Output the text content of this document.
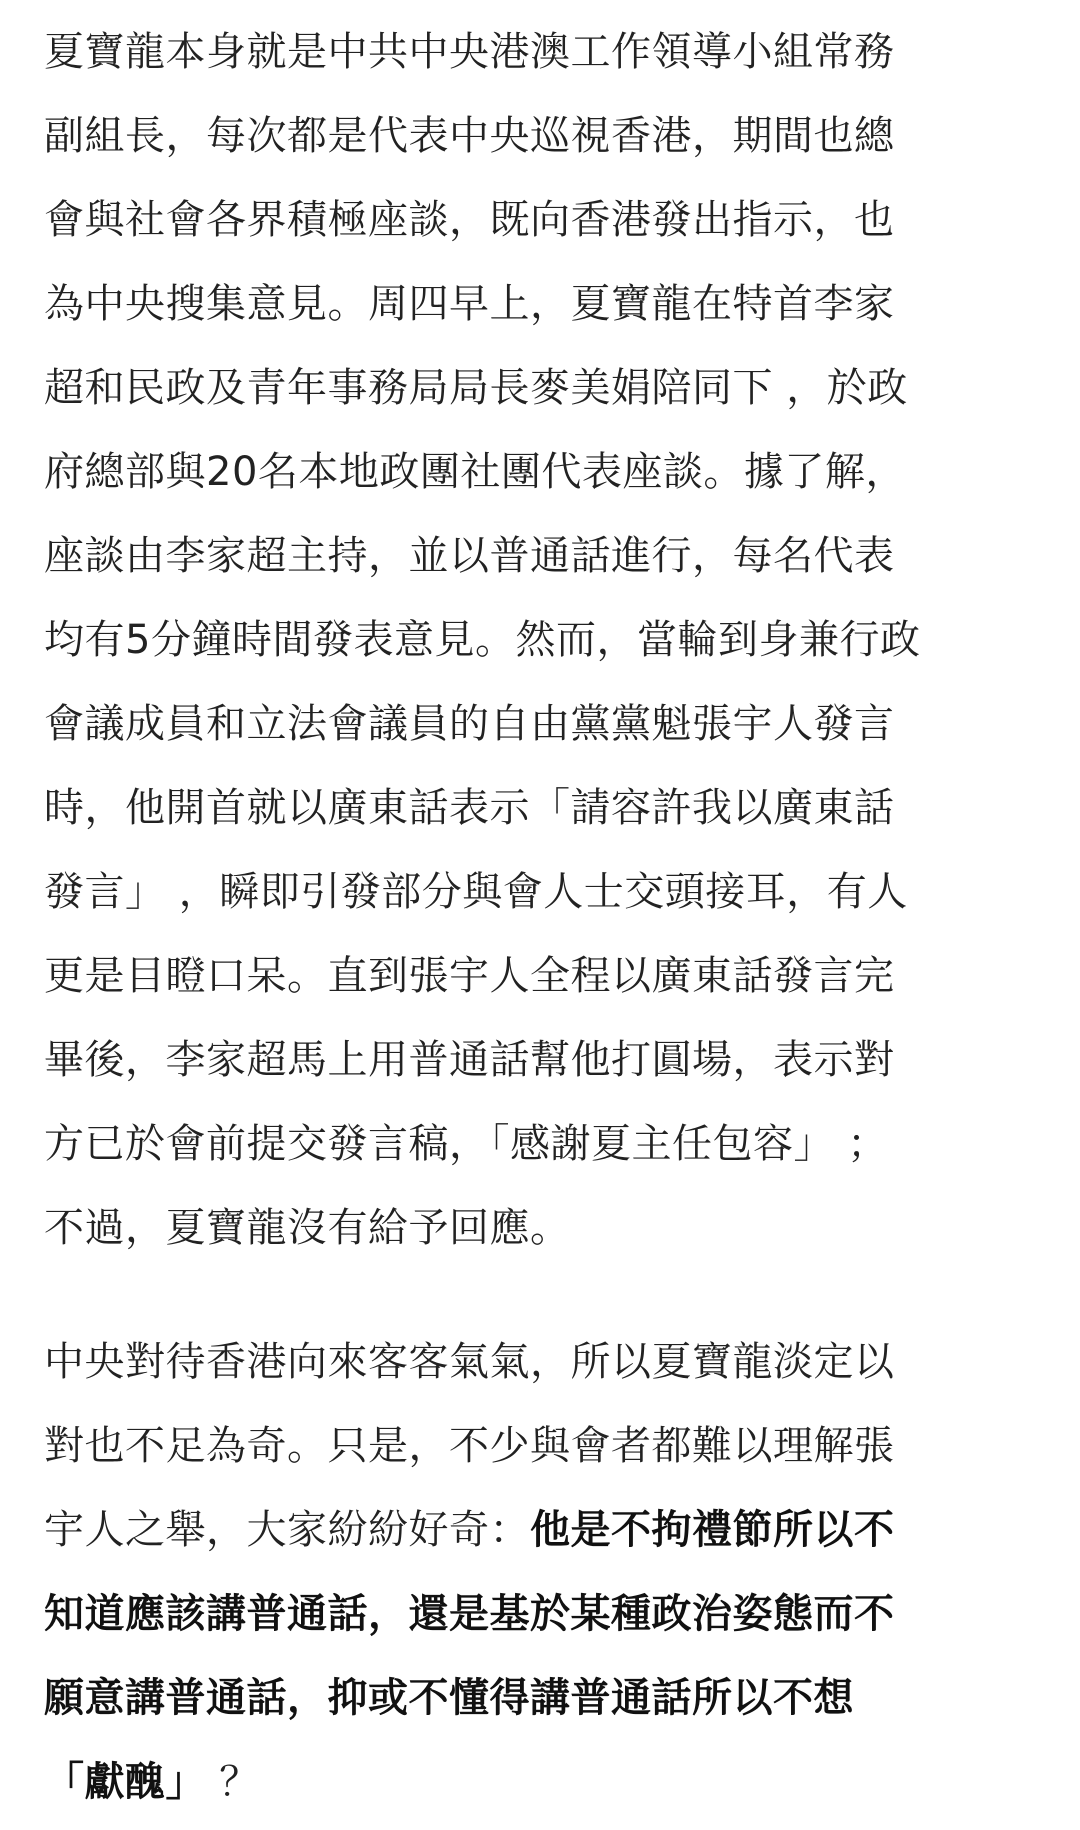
夏寶龍本身就是中共中央港澳工作領導小組常務
副組長，每次都是代表中央巡視香港，期間也總
會與社會各界積極座談，既向香港發出指示，也
為中央搜集意見。周四早上，夏寶龍在特首李家
超和民政及青年事務局局長麥美娟陪同下 ，於政
府總部與20名本地政團社團代表座談。據了解，
座談由李家超主持，並以普通話進行，每名代表
均有5分鐘時間發表意見。然而，當輪到身兼行政
會議成員和立法會議員的自由黨黨魁張宇人發言
時，他開首就以廣東話表示「請容許我以廣東話
發言」 ，瞬即引發部分與會人士交頭接耳，有人
更是目瞪口呆。直到張宇人全程以廣東話發言完
畢後，李家超馬上用普通話幫他打圓場，表示對
方已於會前提交發言稿，「感謝夏主任包容」 ；
不過，夏寶龍沒有給予回應。

中央對待香港向來客客氣氣，所以夏寶龍淡定以
對也不足為奇。只是，不少與會者都難以理解張
宇人之舉，大家紛紛好奇：他是不拘禮節所以不
知道應該講普通話，還是基於某種政治姿態而不
願意講普通話，抑或不懂得講普通話所以不想
「獻醜」 ？
